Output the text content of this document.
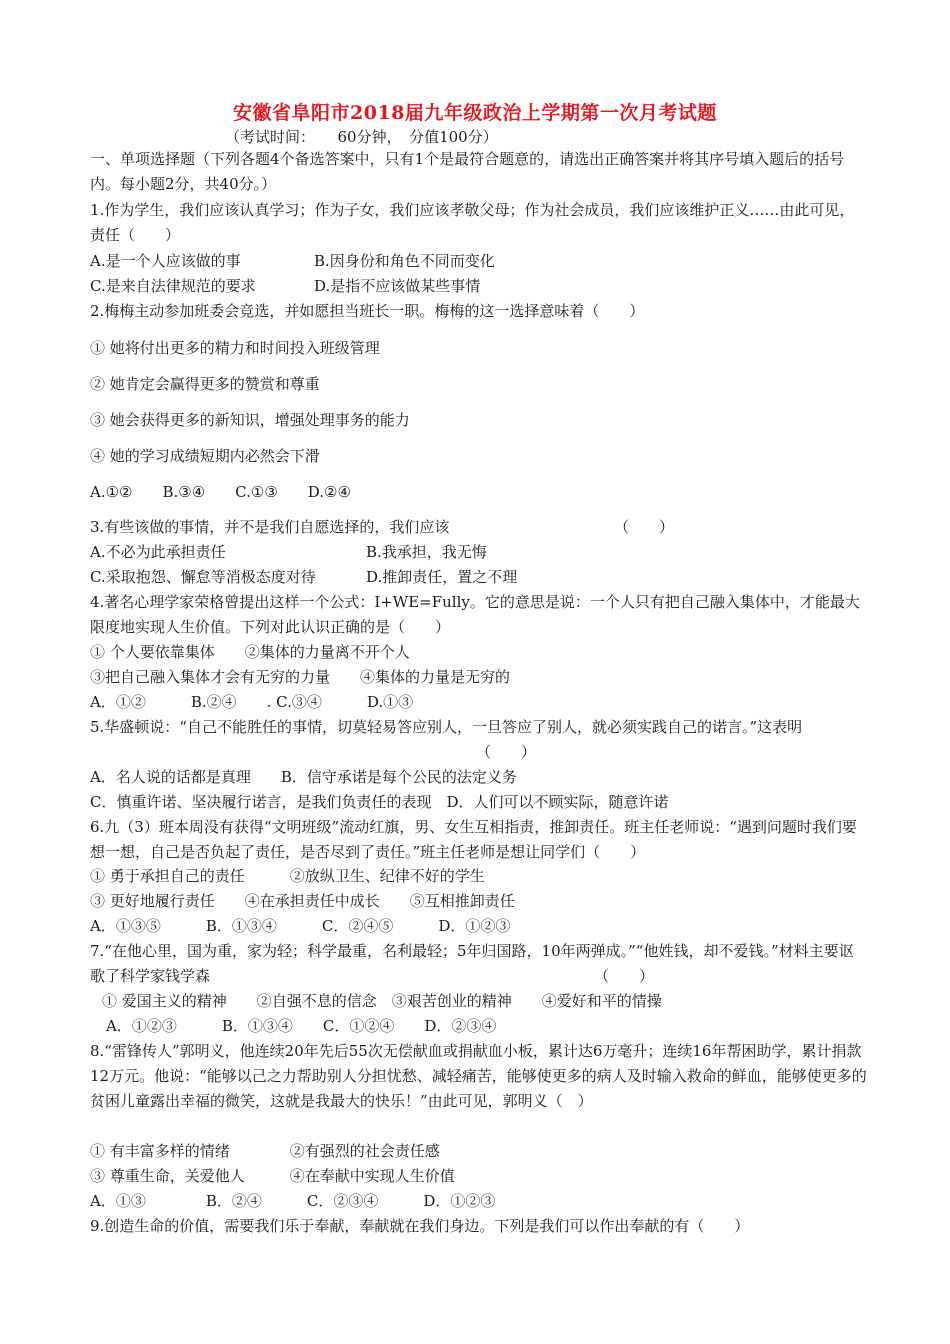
安徽省阜阳市2018届九年级政治上学期第一次月考试题
（考试时间：　　60分钟，　分值100分）

一、单项选择题（下列各题4个备选答案中，只有1个是最符合题意的，请选出正确答案并将其序号填入题后的括号内。每小题2分，共40分。）

1.作为学生，我们应该认真学习；作为子女，我们应该孝敬父母；作为社会成员，我们应该维护正义……由此可见，责任（　　）

A.是一个人应该做的事	B.因身份和角色不同而变化
C.是来自法律规范的要求	D.是指不应该做某些事情
2.梅梅主动参加班委会竞选，并如愿担当班长一职。梅梅的这一选择意味着（　　）
① 她将付出更多的精力和时间投入班级管理
② 她肯定会赢得更多的赞赏和尊重
③ 她会获得更多的新知识，增强处理事务的能力
④ 她的学习成绩短期内必然会下滑
A.①②　　B.③④　　C.①③　　D.②④
3.有些该做的事情，并不是我们自愿选择的，我们应该	（　　）
A.不必为此承担责任	B.我承担，我无悔
C.采取抱怨、懈怠等消极态度对待	D.推卸责任，置之不理

4.著名心理学家荣格曾提出这样一个公式：I+WE=Fully。它的意思是说：一个人只有把自己融入集体中，才能最大限度地实现人生价值。下列对此认识正确的是（　　）

① 个人要依靠集体　　②集体的力量离不开个人
③把自己融入集体才会有无穷的力量　　④集体的力量是无穷的
A．①②　　　B.②④　　. C.③④　　　D.①③

5.华盛顿说：“自己不能胜任的事情，切莫轻易答应别人，一旦答应了别人，就必须实践自己的诺言。”这表明

（　　）
A．名人说的话都是真理　　B．信守承诺是每个公民的法定义务
C．慎重许诺、坚决履行诺言，是我们负责任的表现　D．人们可以不顾实际，随意许诺

6.九（3）班本周没有获得“文明班级”流动红旗，男、女生互相指责，推卸责任。班主任老师说：“遇到问题时我们要想一想，自己是否负起了责任，是否尽到了责任。”班主任老师是想让同学们（　　）

① 勇于承担自己的责任　　　②放纵卫生、纪律不好的学生
③ 更好地履行责任　　④在承担责任中成长　　⑤互相推卸责任
A．①③⑤　　　B．①③④　　　C．②④⑤　　　D．①②③

7.“在他心里，国为重，家为轻；科学最重，名利最轻；5年归国路，10年两弹成。”“他姓钱，却不爱钱。”材料主要讴歌了科学家钱学森	（　　）
① 爱国主义的精神　　②自强不息的信念　③艰苦创业的精神　　④爱好和平的情操
A．①②③　　　B．①③④　　C．①②④　　D．②③④

8.“雷锋传人”郭明义，他连续20年先后55次无偿献血或捐献血小板，累计达6万毫升；连续16年帮困助学，累计捐款12万元。他说：“能够以己之力帮助别人分担忧愁、减轻痛苦，能够使更多的病人及时输入救命的鲜血，能够使更多的贫困儿童露出幸福的微笑，这就是我最大的快乐！”由此可见，郭明义（　）

① 有丰富多样的情绪　　　　②有强烈的社会责任感
③ 尊重生命，关爱他人　　　④在奉献中实现人生价值
A．①③　　　　B．②④　　　C．②③④　　　D．①②③
9.创造生命的价值，需要我们乐于奉献，奉献就在我们身边。下列是我们可以作出奉献的有（　　）
